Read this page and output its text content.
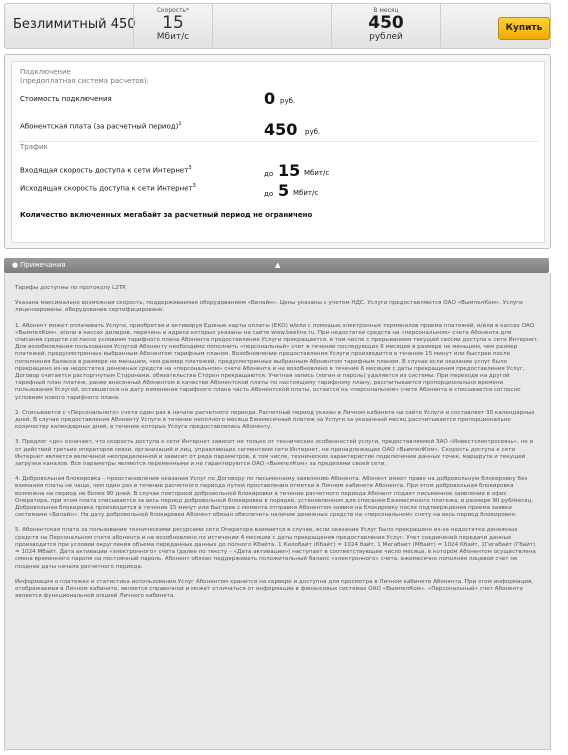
Безлимитный 450
Скорость*
15
Мбит/с
В месяц
450
рублей
Купить
Подключение
(предоплатная система расчетов):
Стоимость подключения	0 руб.
Абонентская плата (за расчетный период)$^1$	450 руб.
Трафик
Входящая скорость доступа к сети Интернет$^3$
до 15 Мбит/с
Исходящая скорость доступа к сети Интернет$^3$
до 5 Мбит/с
Количество включенных мегабайт за расчетный период не ограничено
● Примечания	▲

Тарифы доступны по протоколу L2TP.

Указана максимально возможная скорость, поддерживаемая оборудованием «Билайн». Цены указаны с учетом НДС. Услуги предоставляются ОАО «ВымпелКом». Услуги лицензированы, оборудование сертифицировано.

1. Абонент может оплачивать Услуги, приобретая и активируя Единые карты оплаты (ЕКО) и/или с помощью электронных терминалов приема платежей, и/или в кассах ОАО «ВымпелКом», и/или в кассах дилеров, перечень и адреса которых указаны на сайте www.beeline.ru. При недостатке средств на «персональном» счете Абонента для списания средств согласно условиям тарифного плана Абонента предоставление Услуги прекращается, в том числе с прерыванием текущей сессии доступа к сети Интернет. Для возобновления пользования Услугой Абоненту необходимо пополнить «персональный» счет в течение последующих 6 месяцев в размере не меньшем, чем размер платежей, предусмотренных выбранным Абонентом тарифным планом. Возобновление предоставления Услуги производится в течение 15 минут или быстрее после пополнения баланса в размере не меньшем, чем размер платежей, предусмотренных выбранным Абонентом тарифным планом. В случае если оказание услуг было прекращено из-за недостатка денежных средств на «персональном» счете Абонента и не возобновлено в течение 6 месяцев с даты прекращения предоставления Услуг, Договор считается расторгнутым Сторонами, обязательства Сторон прекращаются. Учетная запись (логин и пароль) удаляется из системы. При переходе на другой тарифный план платеж, ранее внесенный Абонентом в качестве Абонентской платы по настоящему тарифному плану, рассчитывается пропорционально времени пользования Услугой, оставшегося на дату изменения тарифного плана часть Абонентской платы, остается на «персональном» счете Абонента и списывается согласно условиям нового тарифного плана.

2. Списывается с «Персонального» счета один раз в начале расчетного периода. Расчетный период указан в Личном кабинете на сайте Услуги и составляет 30 календарных дней. В случае предоставления Абоненту Услуги в течение неполного месяца Ежемесячный платеж за Услуги за указанный месяц рассчитывается пропорционально количеству календарных дней, в течение которых Услуга предоставлялась Абоненту.

3. Предлог «до» означает, что скорость доступа к сети Интернет зависит не только от технических особенностей услуги, предоставляемой ЗАО «Инвестэлектросвязь», но и от действий третьих операторов связи, организаций и лиц, управляющих сегментами сети Интернет, не принадлежащих ОАО «ВымпелКом». Скорость доступа к сети Интернет является величиной неопределенной и зависит от ряда параметров, в том числе, технических характеристик подключения данных точек, маршрута и текущей загрузки каналов. Все параметры являются переменными и не гарантируются ОАО «ВымпелКом» за пределами своей сети.

4. Добровольная блокировка – приостановление оказания Услуг по Договору по письменному заявлению Абонента. Абонент имеет право на добровольную блокировку без взимания платы не чаще, чем один раз в течение расчетного периода путем проставления отметки в Личном кабинете Абонента. При этом добровольная блокировка возможна на период не более 90 дней. В случае повторной добровольной блокировки в течение расчетного периода Абонент подает письменное заявление в офис Оператора, при этом плата списывается за весь период добровольной блокировки в порядке, установленном для списания Ежемесячного платежа, в размере 90 руб/месяц. Добровольная блокировка производится в течение 15 минут или быстрее с момента отправки Абонентом заявки на блокировку после подтверждения приема заявки системами «Билайн». На дату добровольной блокировки Абонент обязан обеспечить наличие денежных средств на «персональном» счету на весь период блокировки.

5. Абонентская плата за пользование техническими ресурсами сети Оператора взимается в случае, если оказание Услуг было прекращено из-за недостатка денежных средств на Персональном счете абонента и не возобновлено по истечении 4 месяцев с даты прекращения предоставления Услуг. Учет соединений передачи данных производится при условии округления объема переданных данных до полного Кбайта. 1 Килобайт (Кбайт) = 1024 байт, 1 Мегабайт (Мбайт) = 1024 Кбайт, 1Гигабайт (Гбайт) = 1024 Мбайт. Дата активации «электронного» счета (далее по тексту – «Дата активации») наступает в соответствующее число месяца, в котором Абонентом осуществлена смена временного пароля на постоянный пароль. Абонент обязан поддерживать положительный баланс «электронного» счета, ежемесячно пополняя лицевой счет не позднее даты начала расчетного периода.

Информация о платежах и статистика использования Услуг Абонентом хранится на сервере и доступна для просмотра в Личном кабинете Абонента. При этом информация, отображаемая в Личном кабинете, является справочной и может отличаться от информации в финансовых системах ОАО «ВымпелКом». «Персональный» счет Абонента является функциональной опцией Личного кабинета.
